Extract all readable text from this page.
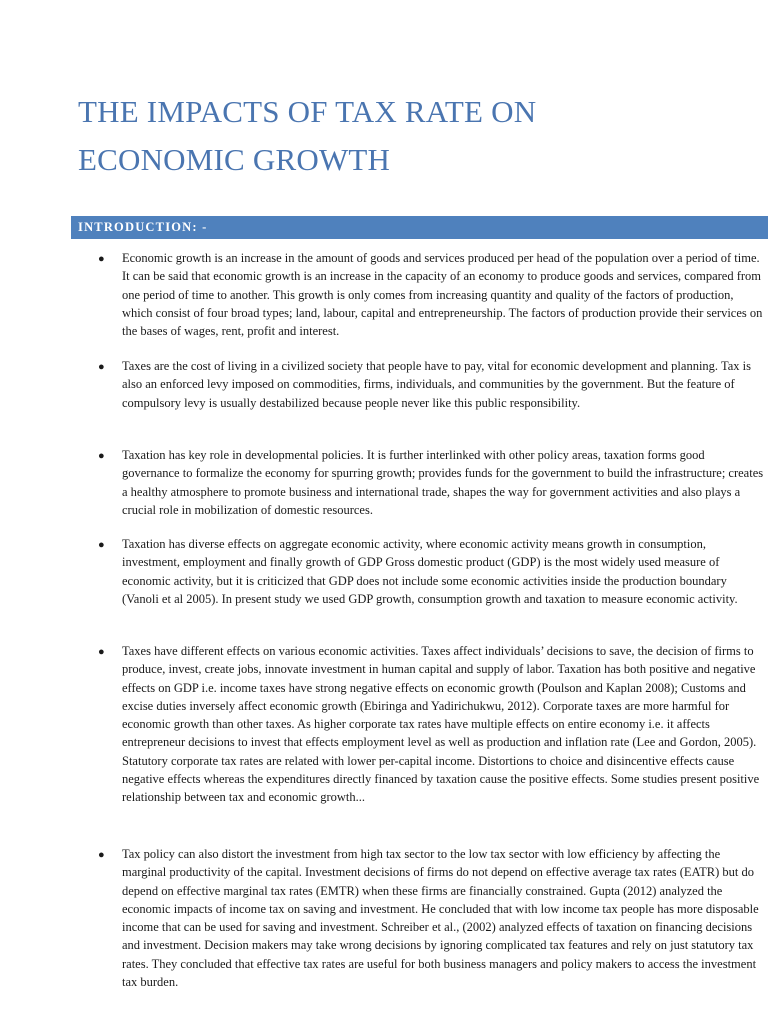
THE IMPACTS OF TAX RATE ON
ECONOMIC GROWTH
INTRODUCTION: -
● Economic growth is an increase in the amount of goods and services produced per head of the population over a period of time. It can be said that economic growth is an increase in the capacity of an economy to produce goods and services, compared from one period of time to another. This growth is only comes from increasing quantity and quality of the factors of production, which consist of four broad types; land, labour, capital and entrepreneurship. The factors of production provide their services on the bases of wages, rent, profit and interest.

● Taxes are the cost of living in a civilized society that people have to pay, vital for economic development and planning. Tax is also an enforced levy imposed on commodities, firms, individuals, and communities by the government. But the feature of compulsory levy is usually destabilized because people never like this public responsibility.

● Taxation has key role in developmental policies. It is further interlinked with other policy areas, taxation forms good governance to formalize the economy for spurring growth; provides funds for the government to build the infrastructure; creates a healthy atmosphere to promote business and international trade, shapes the way for government activities and also plays a crucial role in mobilization of domestic resources.

● Taxation has diverse effects on aggregate economic activity, where economic activity means growth in consumption, investment, employment and finally growth of GDP Gross domestic product (GDP) is the most widely used measure of economic activity, but it is criticized that GDP does not include some economic activities inside the production boundary (Vanoli et al 2005). In present study we used GDP growth, consumption growth and taxation to measure economic activity.

● Taxes have different effects on various economic activities. Taxes affect individuals’ decisions to save, the decision of firms to produce, invest, create jobs, innovate investment in human capital and supply of labor. Taxation has both positive and negative effects on GDP i.e. income taxes have strong negative effects on economic growth (Poulson and Kaplan 2008); Customs and excise duties inversely affect economic growth (Ebiringa and Yadirichukwu, 2012). Corporate taxes are more harmful for economic growth than other taxes. As higher corporate tax rates have multiple effects on entire economy i.e. it affects entrepreneur decisions to invest that effects employment level as well as production and inflation rate (Lee and Gordon, 2005). Statutory corporate tax rates are related with lower per-capital income. Distortions to choice and disincentive effects cause negative effects whereas the expenditures directly financed by taxation cause the positive effects. Some studies present positive relationship between tax and economic growth...

● Tax policy can also distort the investment from high tax sector to the low tax sector with low efficiency by affecting the marginal productivity of the capital. Investment decisions of firms do not depend on effective average tax rates (EATR) but do depend on effective marginal tax rates (EMTR) when these firms are financially constrained. Gupta (2012) analyzed the economic impacts of income tax on saving and investment. He concluded that with low income tax people has more disposable income that can be used for saving and investment. Schreiber et al., (2002) analyzed effects of taxation on financing decisions and investment. Decision makers may take wrong decisions by ignoring complicated tax features and rely on just statutory tax rates. They concluded that effective tax rates are useful for both business managers and policy makers to access the investment tax burden.
